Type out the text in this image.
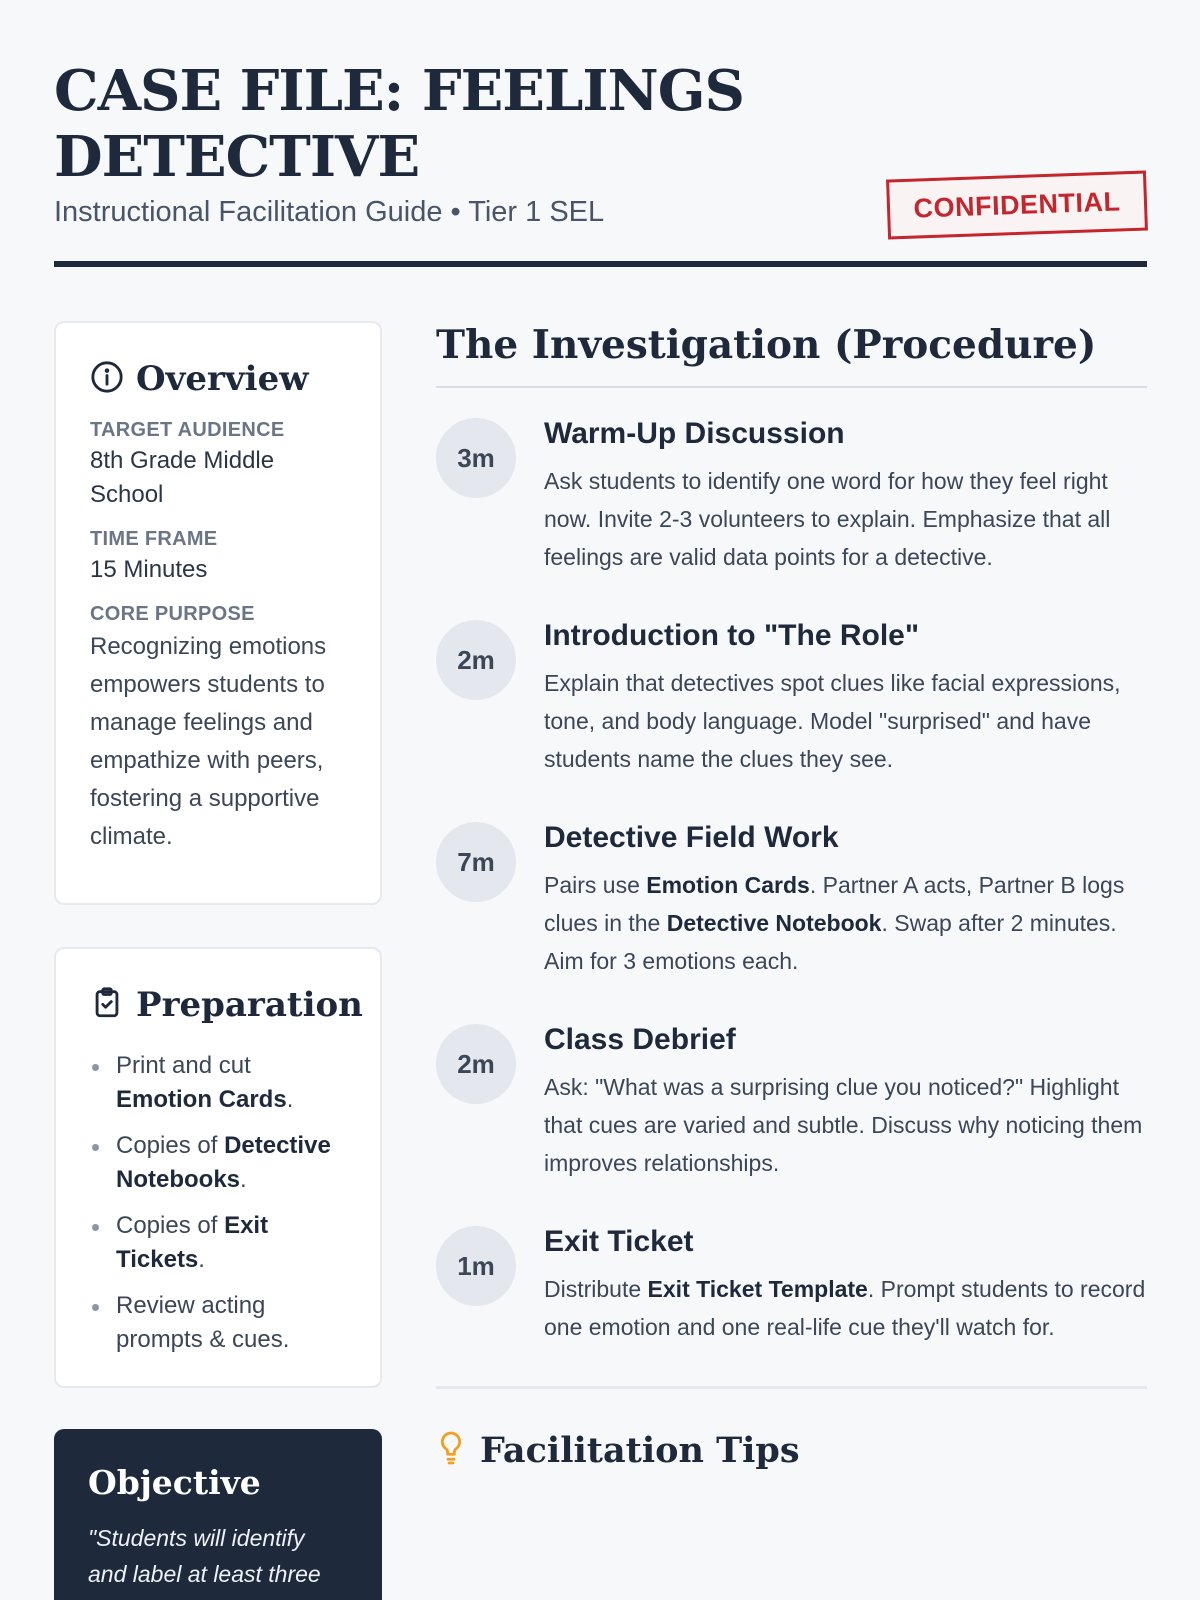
CASE FILE: FEELINGS DETECTIVE
Instructional Facilitation Guide • Tier 1 SEL	CONFIDENTIAL
Overview
TARGET AUDIENCE
8th Grade Middle School
TIME FRAME
15 Minutes
CORE PURPOSE
Recognizing emotions empowers students to manage feelings and empathize with peers, fostering a supportive climate.
Preparation
Print and cut Emotion Cards.
Copies of Detective Notebooks.
Copies of Exit Tickets.
Review acting prompts & cues.
Objective
"Students will identify and label at least three
The Investigation (Procedure)
3m
Warm-Up Discussion
Ask students to identify one word for how they feel right now. Invite 2-3 volunteers to explain. Emphasize that all feelings are valid data points for a detective.
2m
Introduction to "The Role"
Explain that detectives spot clues like facial expressions, tone, and body language. Model "surprised" and have students name the clues they see.
7m
Detective Field Work
Pairs use Emotion Cards. Partner A acts, Partner B logs clues in the Detective Notebook. Swap after 2 minutes. Aim for 3 emotions each.
2m
Class Debrief
Ask: "What was a surprising clue you noticed?" Highlight that cues are varied and subtle. Discuss why noticing them improves relationships.
1m
Exit Ticket
Distribute Exit Ticket Template. Prompt students to record one emotion and one real-life cue they'll watch for.
Facilitation Tips
